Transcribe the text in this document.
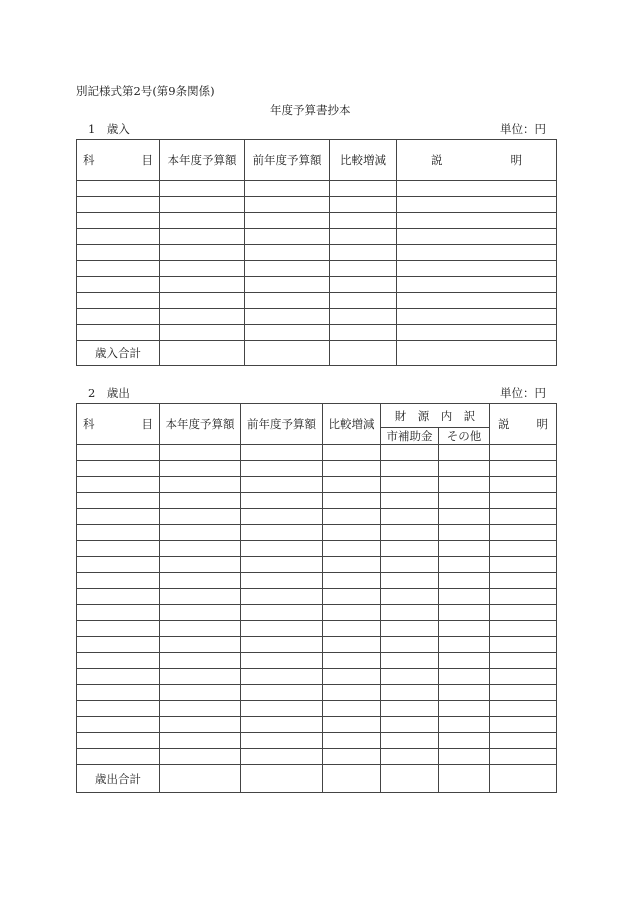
別記様式第2号(第9条関係)
年度予算書抄本
1　歳入	単位：円
科 目	本年度予算額	前年度予算額	比較増減	説 明

歳入合計				
2　歳出	単位：円
科 目	本年度予算額	前年度予算額	比較増減	財　源　内　訳		説 明

				市補助金	その他	

歳出合計						
